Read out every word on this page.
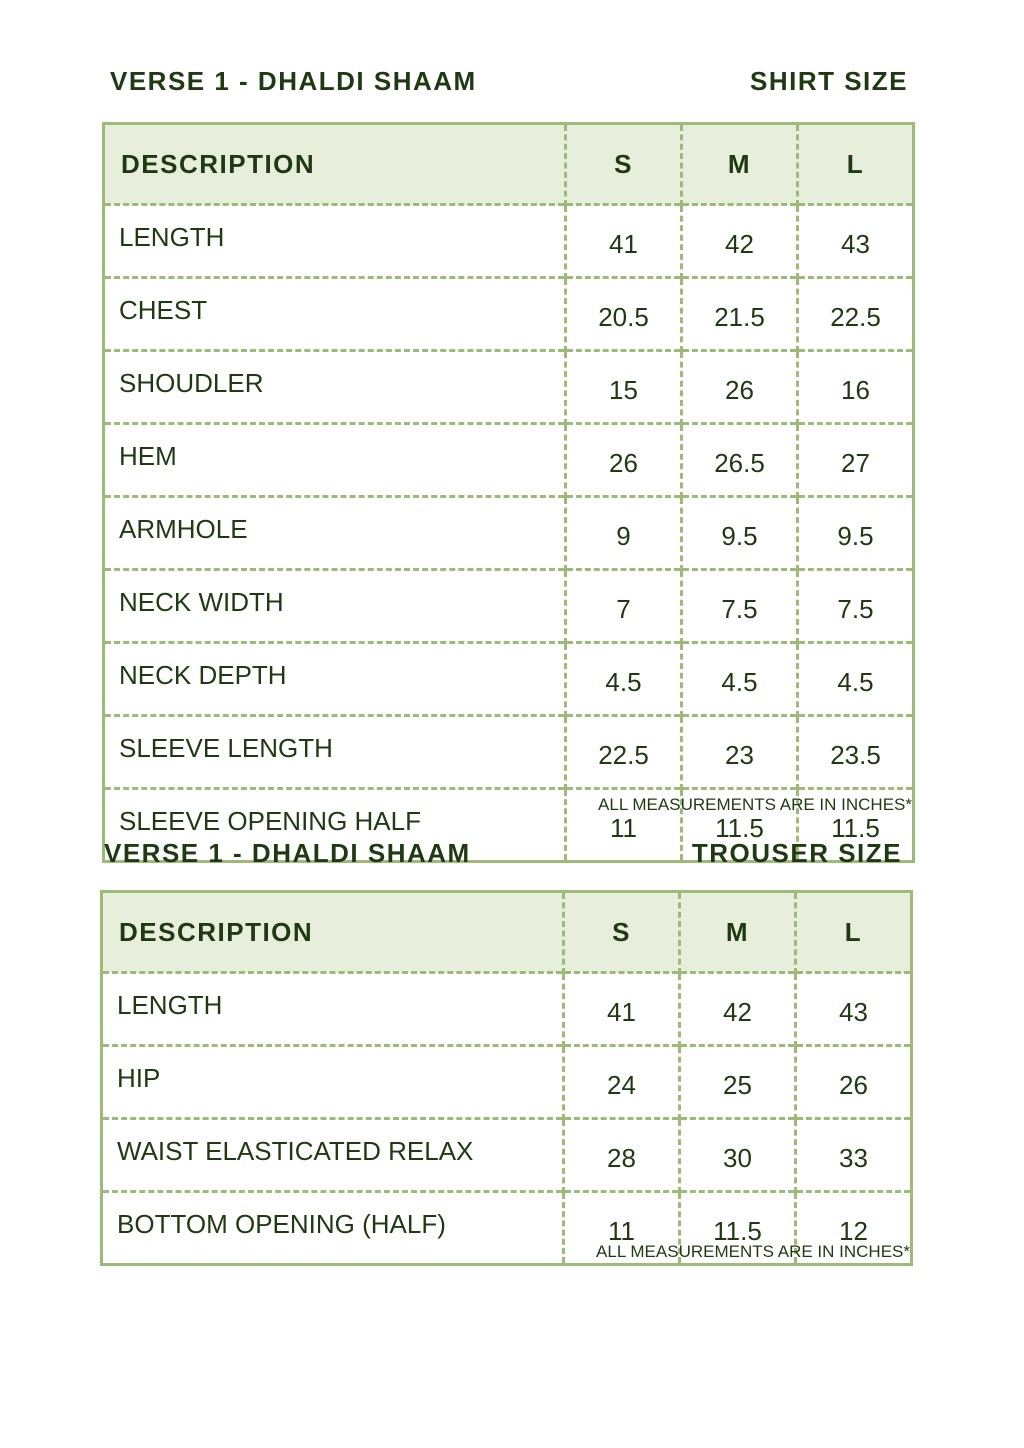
VERSE 1 - DHALDI SHAAM	SHIRT SIZE
DESCRIPTION	S	M	L
LENGTH	41	42	43
CHEST	20.5	21.5	22.5
SHOUDLER	15	26	16
HEM	26	26.5	27
ARMHOLE	9	9.5	9.5
NECK WIDTH	7	7.5	7.5
NECK DEPTH	4.5	4.5	4.5
SLEEVE LENGTH	22.5	23	23.5
SLEEVE OPENING HALF	11	11.5	11.5
ALL MEASUREMENTS ARE IN INCHES*
VERSE 1 - DHALDI SHAAM	TROUSER SIZE
DESCRIPTION	S	M	L
LENGTH	41	42	43
HIP	24	25	26
WAIST ELASTICATED RELAX	28	30	33
BOTTOM OPENING (HALF)	11	11.5	12
ALL MEASUREMENTS ARE IN INCHES*
